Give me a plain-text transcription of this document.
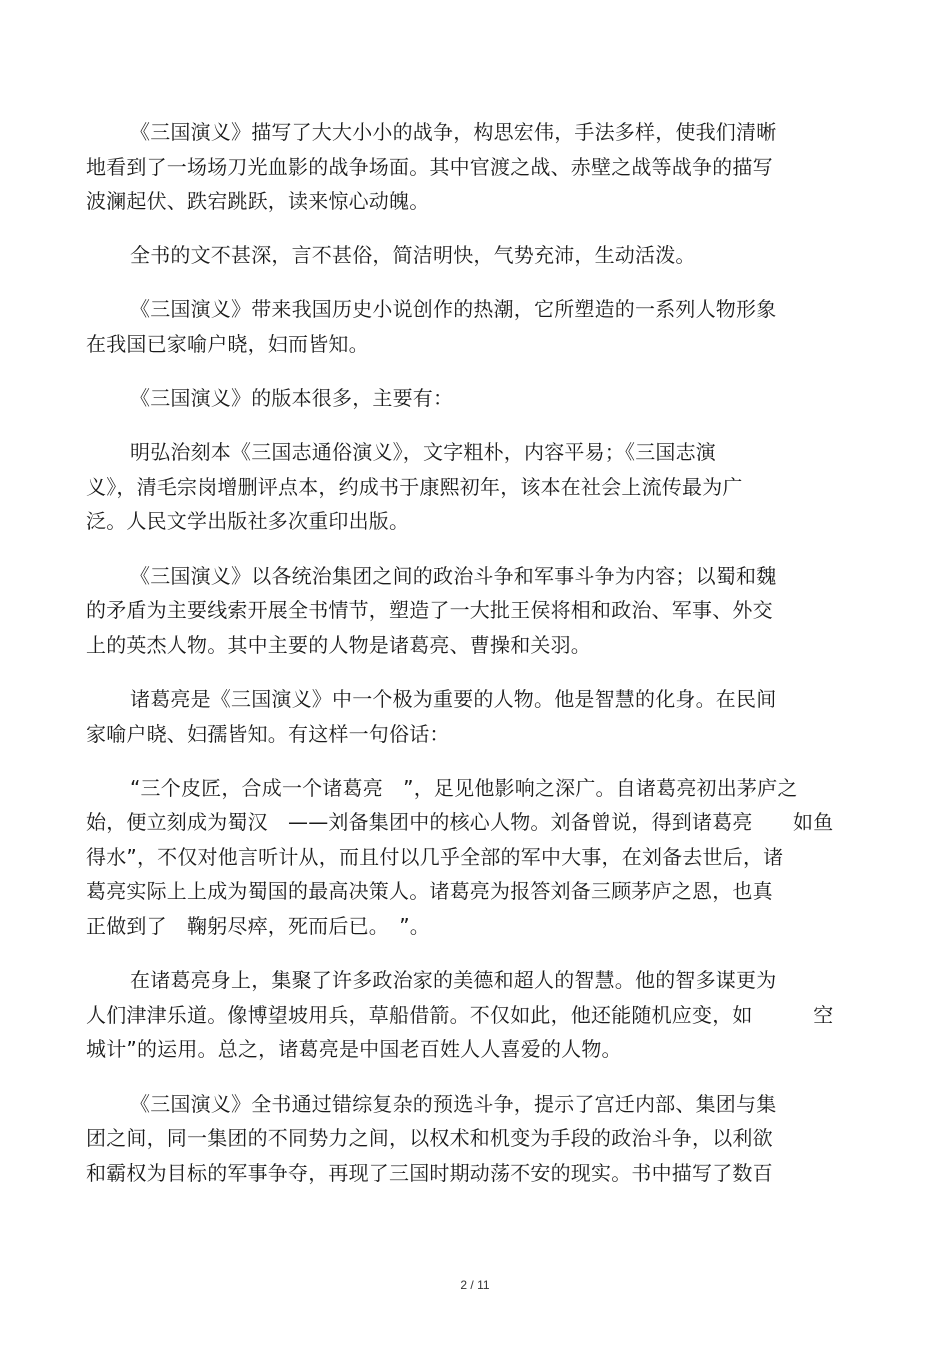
《三国演义》描写了大大小小的战争，构思宏伟，手法多样，使我们清晰
地看到了一场场刀光血影的战争场面。其中官渡之战、赤壁之战等战争的描写
波澜起伏、跌宕跳跃，读来惊心动魄。
全书的文不甚深，言不甚俗，简洁明快，气势充沛，生动活泼。
《三国演义》带来我国历史小说创作的热潮，它所塑造的一系列人物形象
在我国已家喻户晓，妇而皆知。
《三国演义》的版本很多，主要有：
明弘治刻本《三国志通俗演义》，文字粗朴，内容平易；《三国志演
义》，清毛宗岗增删评点本，约成书于康熙初年，该本在社会上流传最为广
泛。人民文学出版社多次重印出版。
《三国演义》以各统治集团之间的政治斗争和军事斗争为内容；以蜀和魏
的矛盾为主要线索开展全书情节，塑造了一大批王侯将相和政治、军事、外交
上的英杰人物。其中主要的人物是诸葛亮、曹操和关羽。
诸葛亮是《三国演义》中一个极为重要的人物。他是智慧的化身。在民间
家喻户晓、妇孺皆知。有这样一句俗话：
“三个皮匠，合成一个诸葛亮　”，足见他影响之深广。自诸葛亮初出茅庐之
始，便立刻成为蜀汉　——刘备集团中的核心人物。刘备曾说，得到诸葛亮　　如鱼
得水”，不仅对他言听计从，而且付以几乎全部的军中大事，在刘备去世后，诸
葛亮实际上上成为蜀国的最高决策人。诸葛亮为报答刘备三顾茅庐之恩，也真
正做到了　鞠躬尽瘁，死而后已。　”。
在诸葛亮身上，集聚了许多政治家的美德和超人的智慧。他的智多谋更为
人们津津乐道。像博望坡用兵，草船借箭。不仅如此，他还能随机应变，如　　　空
城计”的运用。总之，诸葛亮是中国老百姓人人喜爱的人物。
《三国演义》全书通过错综复杂的预选斗争，提示了宫迁内部、集团与集
团之间，同一集团的不同势力之间，以权术和机变为手段的政治斗争，以利欲
和霸权为目标的军事争夺，再现了三国时期动荡不安的现实。书中描写了数百
2 / 11
